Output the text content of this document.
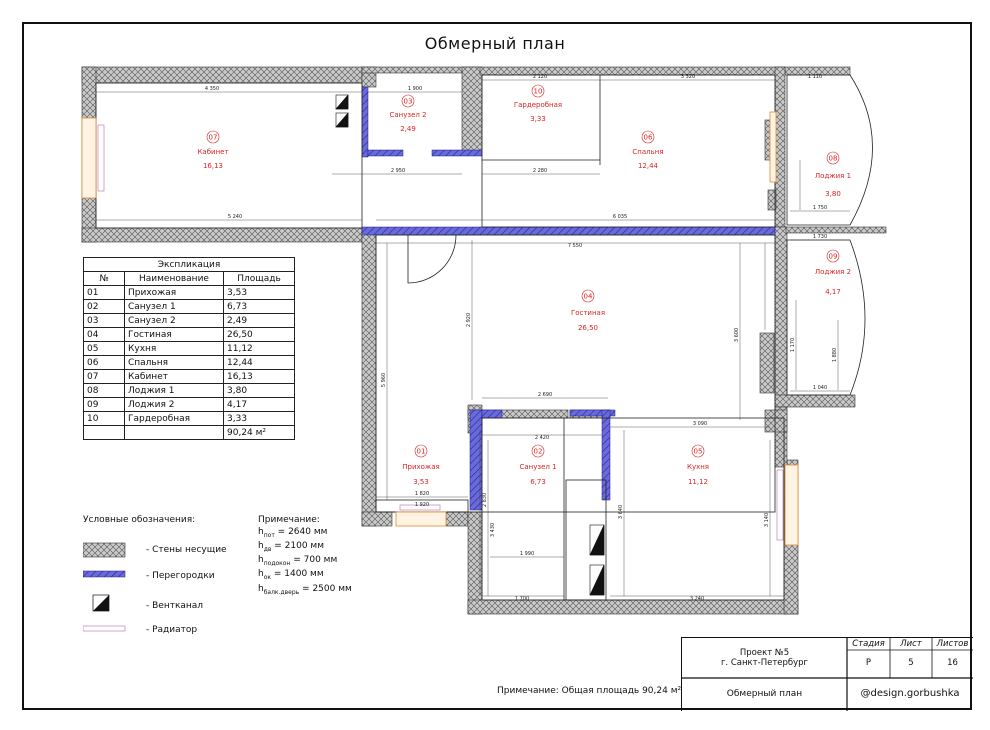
Обмерный план
07
Кабинет
16,13
03
Санузел 2
2,49
10
Гардеробная
3,33
06
Спальня
12,44
08
Лоджия 1
3,80
09
Лоджия 2
4,17
04
Гостиная
26,50
01
Прихожая
3,53
02
Санузел 1
6,73
05
Кухня
11,12
4 350	1 900
2 120	3 320	1 110
5 240	6 035
7 550
2 950	2 280
2 690
2 420
1 700	3 240
1 990
3 090
1 820
1 920
1 750
1 730
1 040
5 960
3 600
3 640
2 830
3 140
3 430
2 920
1 170
1 880
Экспликация		
№	Наименование	Площадь
01	Прихожая	3,53
02	Санузел 1	6,73
03	Санузел 2	2,49
04	Гостиная	26,50
05	Кухня	11,12
06	Спальня	12,44
07	Кабинет	16,13
08	Лоджия 1	3,80
09	Лоджия 2	4,17
10	Гардеробная	3,33
		90,24 м²
Условные обозначения:
- Стены несущие
- Перегородки
- Вентканал
- Радиатор
Примечание:
$h_{пот} = 2640$ мм
$h_{дв} = 2100$ мм
$h_{подокон} = 700$ мм
$h_{ок} = 1400$ мм
$h_{балк.дверь} = 2500$ мм
Примечание: Общая площадь 90,24 м²
Проект №5
г. Санкт-Петербург
Стадия	Лист	Листов
Р	5	16
Обмерный план	@design.gorbushka
